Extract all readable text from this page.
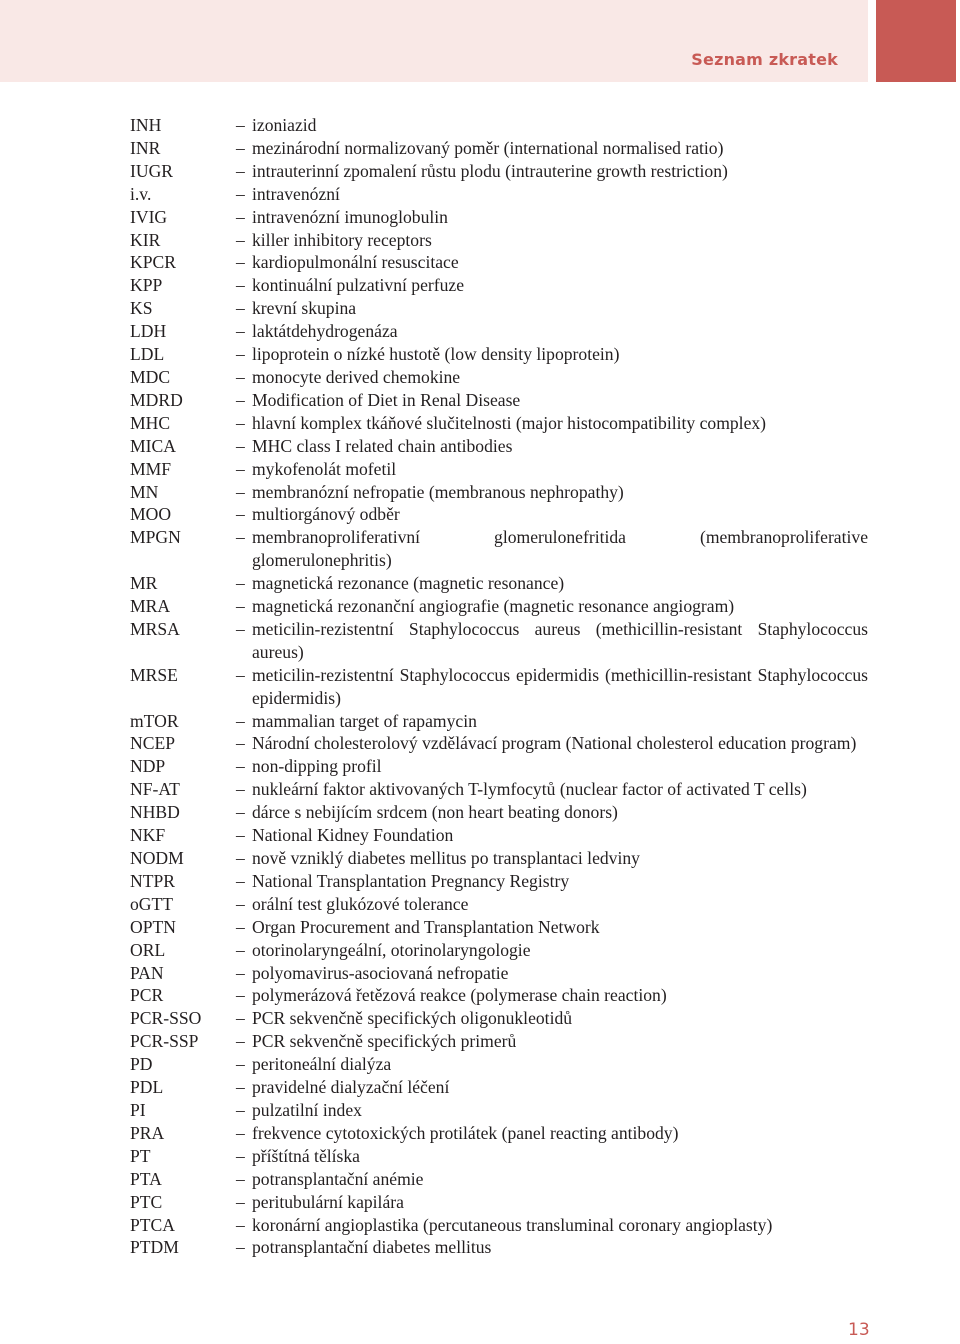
Seznam zkratek
INH	– izoniazid
INR	– mezinárodní normalizovaný poměr (international normalised ratio)
IUGR	– intrauterinní zpomalení růstu plodu (intrauterine growth restriction)
i.v.	– intravenózní
IVIG	– intravenózní imunoglobulin
KIR	– killer inhibitory receptors
KPCR	– kardiopulmonální resuscitace
KPP	– kontinuální pulzativní perfuze
KS	– krevní skupina
LDH	– laktátdehydrogenáza
LDL	– lipoprotein o nízké hustotě (low density lipoprotein)
MDC	– monocyte derived chemokine
MDRD	– Modification of Diet in Renal Disease
MHC	– hlavní komplex tkáňové slučitelnosti (major histocompatibility complex)
MICA	– MHC class I related chain antibodies
MMF	– mykofenolát mofetil
MN	– membranózní nefropatie (membranous nephropathy)
MOO	– multiorgánový odběr
MPGN	– membranoproliferativní glomerulonefritida (membranoproliferative glomerulonephritis)
MR	– magnetická rezonance (magnetic resonance)
MRA	– magnetická rezonanční angiografie (magnetic resonance angiogram)
MRSA	– meticilin-rezistentní Staphylococcus aureus (methicillin-resistant Staphylococcus aureus)
MRSE	– meticilin-rezistentní Staphylococcus epidermidis (methicillin-resistant Staphylococcus epidermidis)
mTOR	– mammalian target of rapamycin
NCEP	– Národní cholesterolový vzdělávací program (National cholesterol education program)
NDP	– non-dipping profil
NF-AT	– nukleární faktor aktivovaných T-lymfocytů (nuclear factor of activated T cells)
NHBD	– dárce s nebijícím srdcem (non heart beating donors)
NKF	– National Kidney Foundation
NODM	– nově vzniklý diabetes mellitus po transplantaci ledviny
NTPR	– National Transplantation Pregnancy Registry
oGTT	– orální test glukózové tolerance
OPTN	– Organ Procurement and Transplantation Network
ORL	– otorinolaryngeální, otorinolaryngologie
PAN	– polyomavirus-asociovaná nefropatie
PCR	– polymerázová řetězová reakce (polymerase chain reaction)
PCR-SSO	– PCR sekvenčně specifických oligonukleotidů
PCR-SSP	– PCR sekvenčně specifických primerů
PD	– peritoneální dialýza
PDL	– pravidelné dialyzační léčení
PI	– pulzatilní index
PRA	– frekvence cytotoxických protilátek (panel reacting antibody)
PT	– příštítná tělíska
PTA	– potransplantační anémie
PTC	– peritubulární kapilára
PTCA	– koronární angioplastika (percutaneous transluminal coronary angioplasty)
PTDM	– potransplantační diabetes mellitus
13
